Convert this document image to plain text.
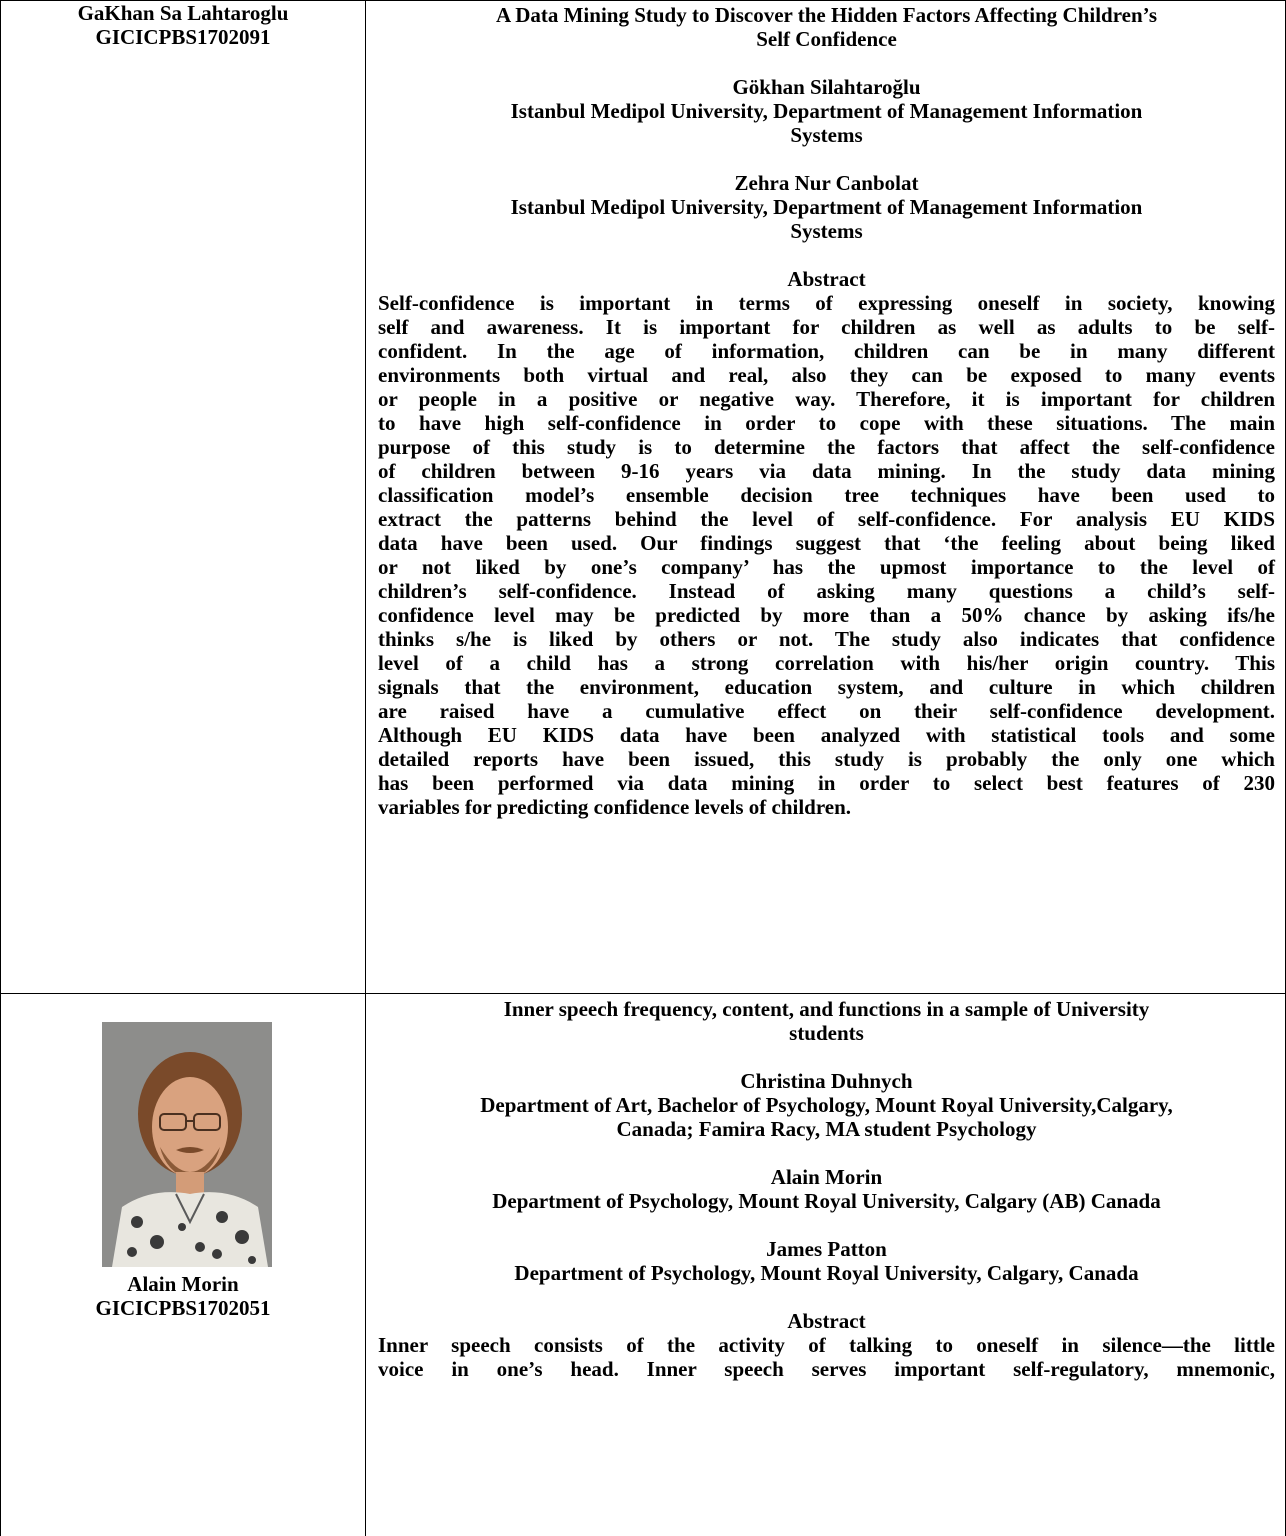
GaKhan Sa Lahtaroglu
GICICPBS1702091
A Data Mining Study to Discover the Hidden Factors Affecting Children’s
Self Confidence
Gökhan Silahtaroğlu
Istanbul Medipol University, Department of Management Information
Systems
Zehra Nur Canbolat
Istanbul Medipol University, Department of Management Information
Systems
Abstract
Self-confidence is important in terms of expressing oneself in society, knowing
self and awareness. It is important for children as well as adults to be self-
confident. In the age of information, children can be in many different
environments both virtual and real, also they can be exposed to many events
or people in a positive or negative way. Therefore, it is important for children
to have high self-confidence in order to cope with these situations. The main
purpose of this study is to determine the factors that affect the self-confidence
of children between 9-16 years via data mining. In the study data mining
classification model’s ensemble decision tree techniques have been used to
extract the patterns behind the level of self-confidence. For analysis EU KIDS
data have been used. Our findings suggest that ‘the feeling about being liked
or not liked by one’s company’ has the upmost importance to the level of
children’s self-confidence. Instead of asking many questions a child’s self-
confidence level may be predicted by more than a 50% chance by asking ifs/he
thinks s/he is liked by others or not. The study also indicates that confidence
level of a child has a strong correlation with his/her origin country. This
signals that the environment, education system, and culture in which children
are raised have a cumulative effect on their self-confidence development.
Although EU KIDS data have been analyzed with statistical tools and some
detailed reports have been issued, this study is probably the only one which
has been performed via data mining in order to select best features of 230
variables for predicting confidence levels of children.
Alain Morin
GICICPBS1702051
Inner speech frequency, content, and functions in a sample of University
students
Christina Duhnych
Department of Art, Bachelor of Psychology, Mount Royal University,Calgary,
Canada; Famira Racy, MA student Psychology
Alain Morin
Department of Psychology, Mount Royal University, Calgary (AB) Canada
James Patton
Department of Psychology, Mount Royal University, Calgary, Canada
Abstract
Inner speech consists of the activity of talking to oneself in silence—the little
voice in one’s head. Inner speech serves important self-regulatory, mnemonic,
